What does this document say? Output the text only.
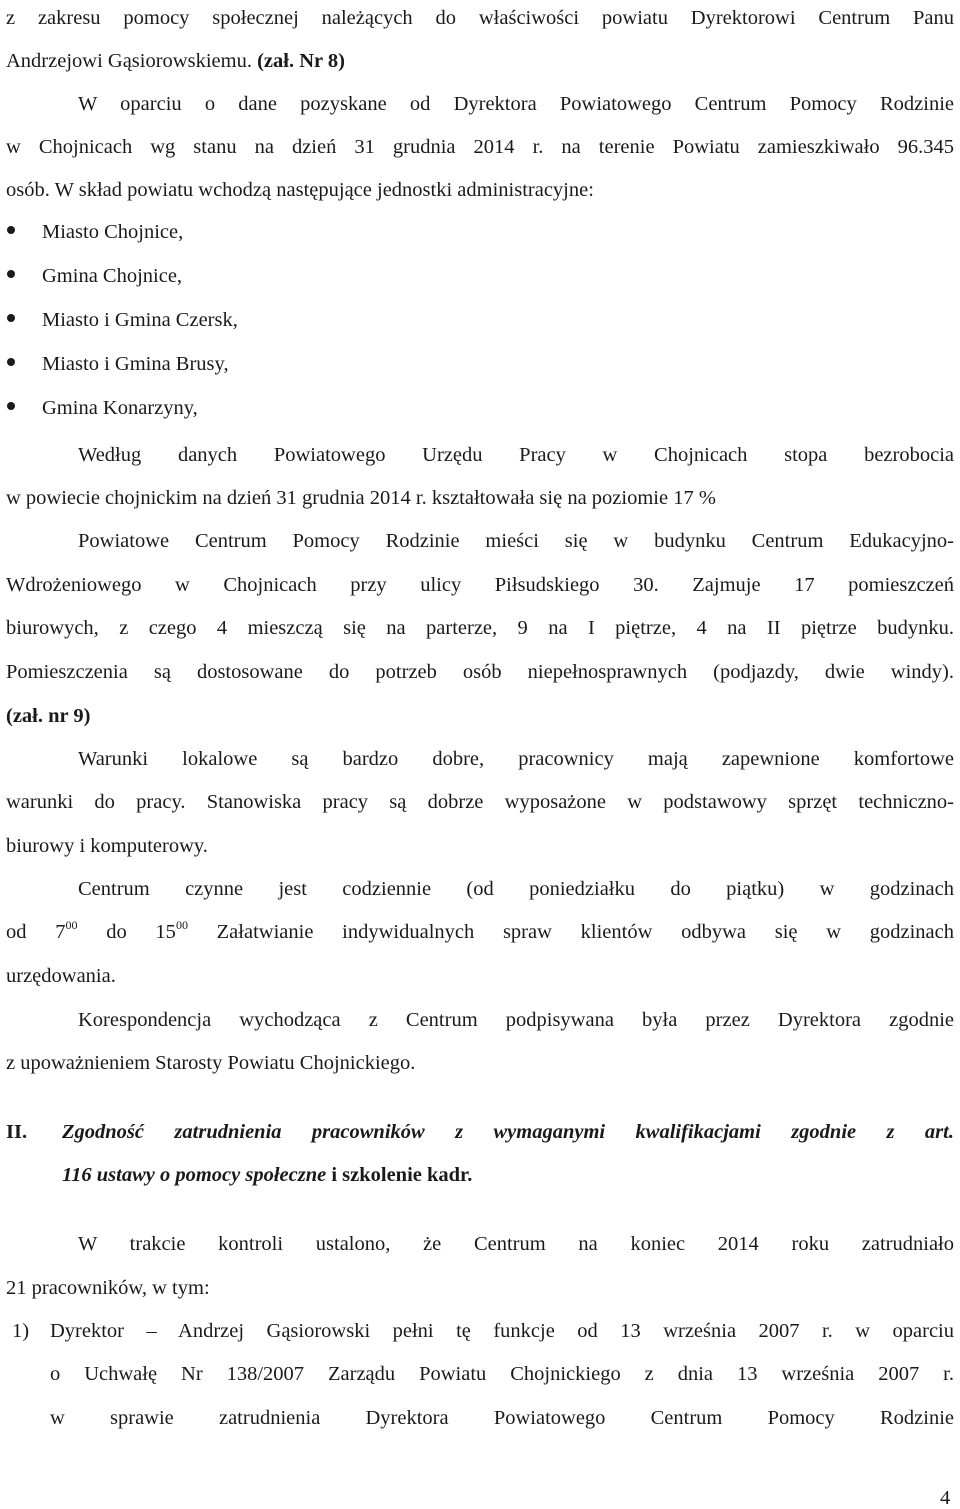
z zakresu pomocy społecznej należących do właściwości powiatu Dyrektorowi Centrum Panu
Andrzejowi Gąsiorowskiemu. (zał. Nr 8)
W oparciu o dane pozyskane od Dyrektora Powiatowego Centrum Pomocy Rodzinie
w Chojnicach wg stanu na dzień 31 grudnia 2014 r. na terenie Powiatu zamieszkiwało 96.345
osób. W skład powiatu wchodzą następujące jednostki administracyjne:
Miasto Chojnice,
Gmina Chojnice,
Miasto i Gmina Czersk,
Miasto i Gmina Brusy,
Gmina Konarzyny,
Według danych Powiatowego Urzędu Pracy w Chojnicach stopa bezrobocia
w powiecie chojnickim na dzień 31 grudnia 2014 r. kształtowała się na poziomie 17 %
Powiatowe Centrum Pomocy Rodzinie mieści się w budynku Centrum Edukacyjno-
Wdrożeniowego w Chojnicach przy ulicy Piłsudskiego 30. Zajmuje 17 pomieszczeń
biurowych, z czego 4 mieszczą się na parterze, 9 na I piętrze, 4 na II piętrze budynku.
Pomieszczenia są dostosowane do potrzeb osób niepełnosprawnych (podjazdy, dwie windy).
(zał. nr 9)
Warunki lokalowe są bardzo dobre, pracownicy mają zapewnione komfortowe
warunki do pracy. Stanowiska pracy są dobrze wyposażone w podstawowy sprzęt techniczno-
biurowy i komputerowy.
Centrum czynne jest codziennie (od poniedziałku do piątku) w godzinach
od $7^{00}$ do $15^{00}$ Załatwianie indywidualnych spraw klientów odbywa się w godzinach
urzędowania.
Korespondencja wychodząca z Centrum podpisywana była przez Dyrektora zgodnie
z upoważnieniem Starosty Powiatu Chojnickiego.
II. Zgodność zatrudnienia pracowników z wymaganymi kwalifikacjami zgodnie z art.
116 ustawy o pomocy społeczne i szkolenie kadr.
W trakcie kontroli ustalono, że Centrum na koniec 2014 roku zatrudniało
21 pracowników, w tym:
1) Dyrektor – Andrzej Gąsiorowski pełni tę funkcje od 13 września 2007 r. w oparciu
o Uchwałę Nr 138/2007 Zarządu Powiatu Chojnickiego z dnia 13 września 2007 r.
w sprawie zatrudnienia Dyrektora Powiatowego Centrum Pomocy Rodzinie
4
